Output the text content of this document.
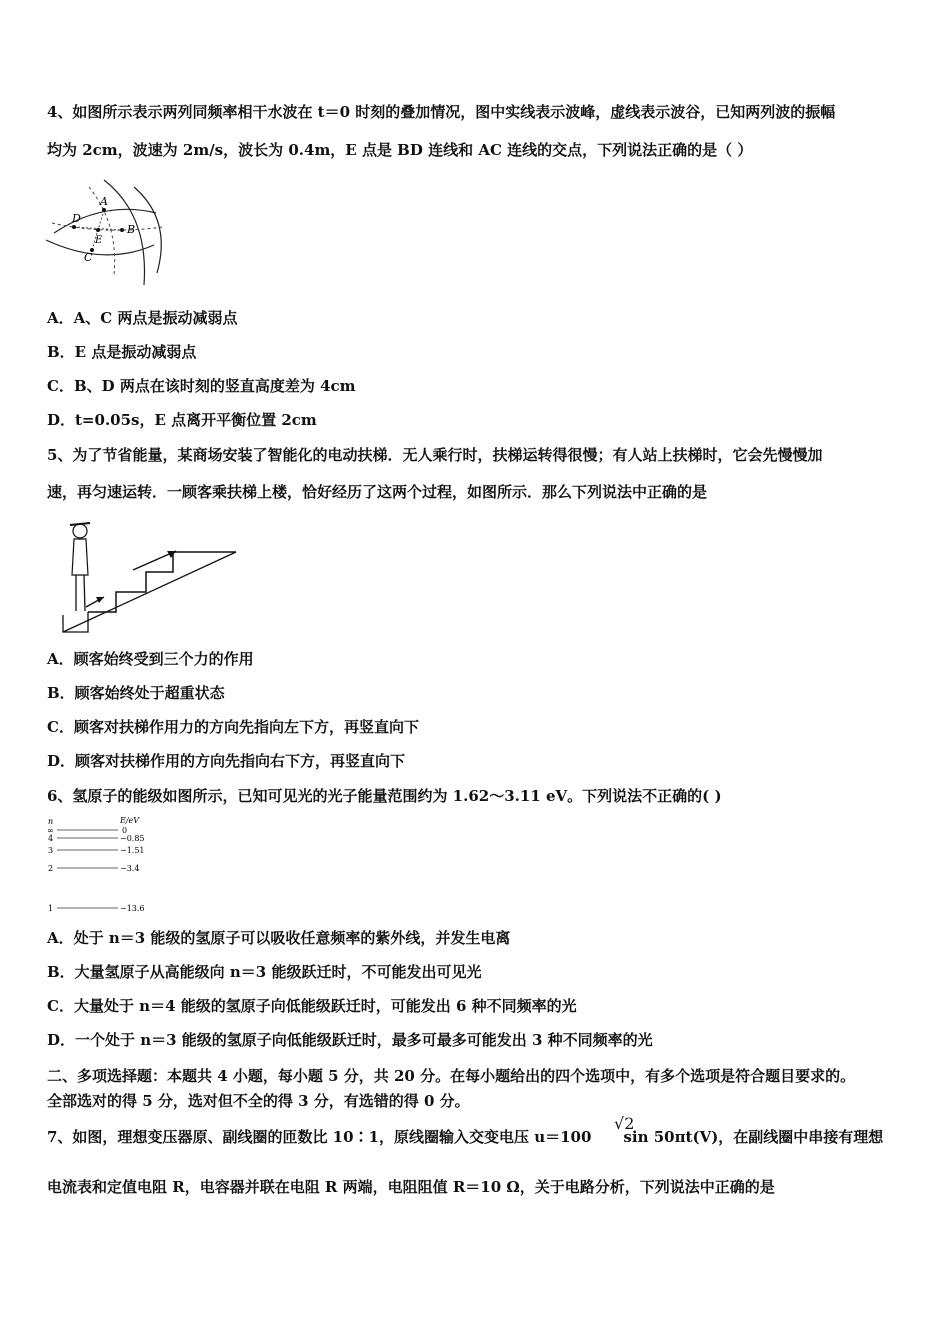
4、如图所示表示两列同频率相干水波在 t＝0 时刻的叠加情况，图中实线表示波峰，虚线表示波谷，已知两列波的振幅
均为 2cm，波速为 2m/s，波长为 0.4m，E 点是 BD 连线和 AC 连线的交点，下列说法正确的是（ ）
A
B
C
D
E
A．A、C 两点是振动减弱点
B．E 点是振动减弱点
C．B、D 两点在该时刻的竖直高度差为 4cm
D．t=0.05s，E 点离开平衡位置 2cm
5、为了节省能量，某商场安装了智能化的电动扶梯．无人乘行时，扶梯运转得很慢；有人站上扶梯时，它会先慢慢加
速，再匀速运转．一顾客乘扶梯上楼，恰好经历了这两个过程，如图所示．那么下列说法中正确的是
A．顾客始终受到三个力的作用
B．顾客始终处于超重状态
C．顾客对扶梯作用力的方向先指向左下方，再竖直向下
D．顾客对扶梯作用的方向先指向右下方，再竖直向下
6、氢原子的能级如图所示，已知可见光的光子能量范围约为 1.62～3.11 eV。下列说法不正确的( )
n	E/eV
∞	0
4	−0.85
3	−1.51
2	−3.4
1	−13.6
A．处于 n＝3 能级的氢原子可以吸收任意频率的紫外线，并发生电离
B．大量氢原子从高能级向 n＝3 能级跃迁时，不可能发出可见光
C．大量处于 n＝4 能级的氢原子向低能级跃迁时，可能发出 6 种不同频率的光
D．一个处于 n＝3 能级的氢原子向低能级跃迁时，最多可最多可能发出 3 种不同频率的光
二、多项选择题：本题共 4 小题，每小题 5 分，共 20 分。在每小题给出的四个选项中，有多个选项是符合题目要求的。
全部选对的得 5 分，选对但不全的得 3 分，有选错的得 0 分。
7、如图，理想变压器原、副线圈的匝数比 10∶1，原线圈输入交变电压 u＝100 sin 50πt(V)，在副线圈中串接有理想
√2
电流表和定值电阻 R，电容器并联在电阻 R 两端，电阻阻值 R＝10 Ω，关于电路分析，下列说法中正确的是
